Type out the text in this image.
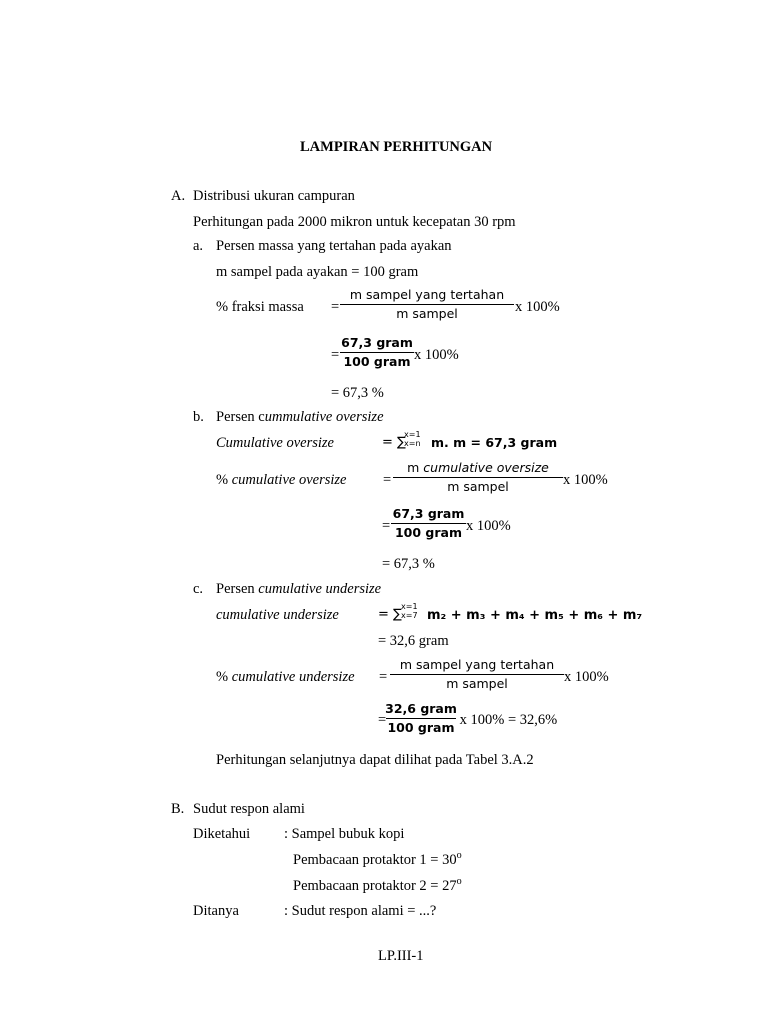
LAMPIRAN PERHITUNGAN
A. Distribusi ukuran campuran
Perhitungan pada 2000 mikron untuk kecepatan 30 rpm
a. Persen massa yang tertahan pada ayakan
m sampel pada ayakan = 100 gram
% fraksi massa =
m sampel yang tertahan
m sampel	x 100%
=
67,3 gram
100 gram x 100%
= 67,3 %
b. Persen cummulative oversize
Cumulative oversize	= ∑
x=1
x=n m. m = 67,3 gram
% cumulative oversize	=
m cumulative oversize
m sampel	x 100%
=
67,3 gram
100 gram x 100%
= 67,3 %
c. Persen cumulative undersize
cumulative undersize	= ∑
x=1
x=7 m₂ + m₃ + m₄ + m₅ + m₆ + m₇
= 32,6 gram
% cumulative undersize =
m sampel yang tertahan
m sampel	x 100%
=
32,6 gram
100 gram x 100% = 32,6%
Perhitungan selanjutnya dapat dilihat pada Tabel 3.A.2
B. Sudut respon alami
Diketahui : Sampel bubuk kopi
Pembacaan protaktor $1 = 30^o$
Pembacaan protaktor $2 = 27^o$
Ditanya	: Sudut respon alami = ...?
LP.III-1
